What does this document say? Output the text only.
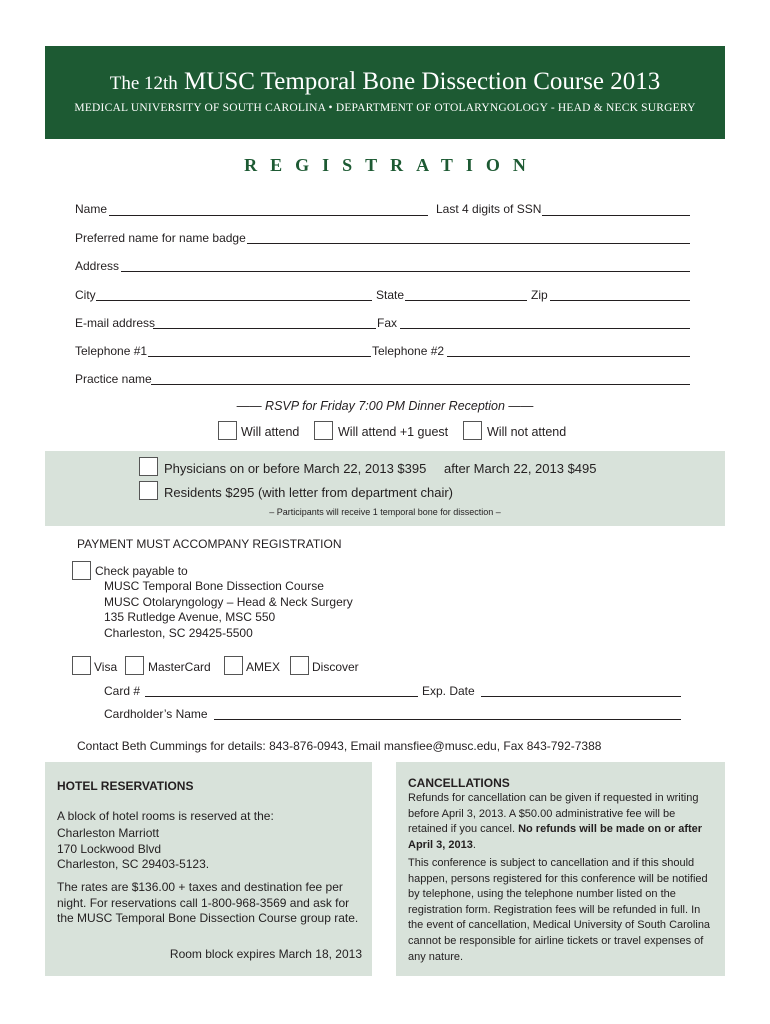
The 12th MUSC Temporal Bone Dissection Course 2013
MEDICAL UNIVERSITY OF SOUTH CAROLINA • DEPARTMENT OF OTOLARYNGOLOGY - HEAD & NECK SURGERY
REGISTRATION
Name	Last 4 digits of SSN
Preferred name for name badge
Address
City	State	Zip
E-mail address	Fax
Telephone #1	Telephone #2
Practice name
—— RSVP for Friday 7:00 PM Dinner Reception ——
Will attend	Will attend +1 guest	Will not attend
Physicians on or before March 22, 2013 $395 after March 22, 2013 $495
Residents $295 (with letter from department chair)
– Participants will receive 1 temporal bone for dissection –
PAYMENT MUST ACCOMPANY REGISTRATION
Check payable to
MUSC Temporal Bone Dissection Course
MUSC Otolaryngology – Head & Neck Surgery
135 Rutledge Avenue, MSC 550
Charleston, SC 29425-5500
Visa	MasterCard	AMEX	Discover
Card #	Exp. Date
Cardholder’s Name
Contact Beth Cummings for details: 843-876-0943, Email mansfiee@musc.edu, Fax 843-792-7388
HOTEL RESERVATIONS
A block of hotel rooms is reserved at the:
Charleston Marriott
170 Lockwood Blvd
Charleston, SC 29403-5123.
The rates are $136.00 + taxes and destination fee per night. For reservations call 1-800-968-3569 and ask for the MUSC Temporal Bone Dissection Course group rate.
Room block expires March 18, 2013
CANCELLATIONS
Refunds for cancellation can be given if requested in writing before April 3, 2013. A $50.00 administrative fee will be retained if you cancel. No refunds will be made on or after April 3, 2013.
This conference is subject to cancellation and if this should happen, persons registered for this conference will be notified by telephone, using the telephone number listed on the registration form. Registration fees will be refunded in full. In the event of cancellation, Medical University of South Carolina cannot be responsible for airline tickets or travel expenses of any nature.
